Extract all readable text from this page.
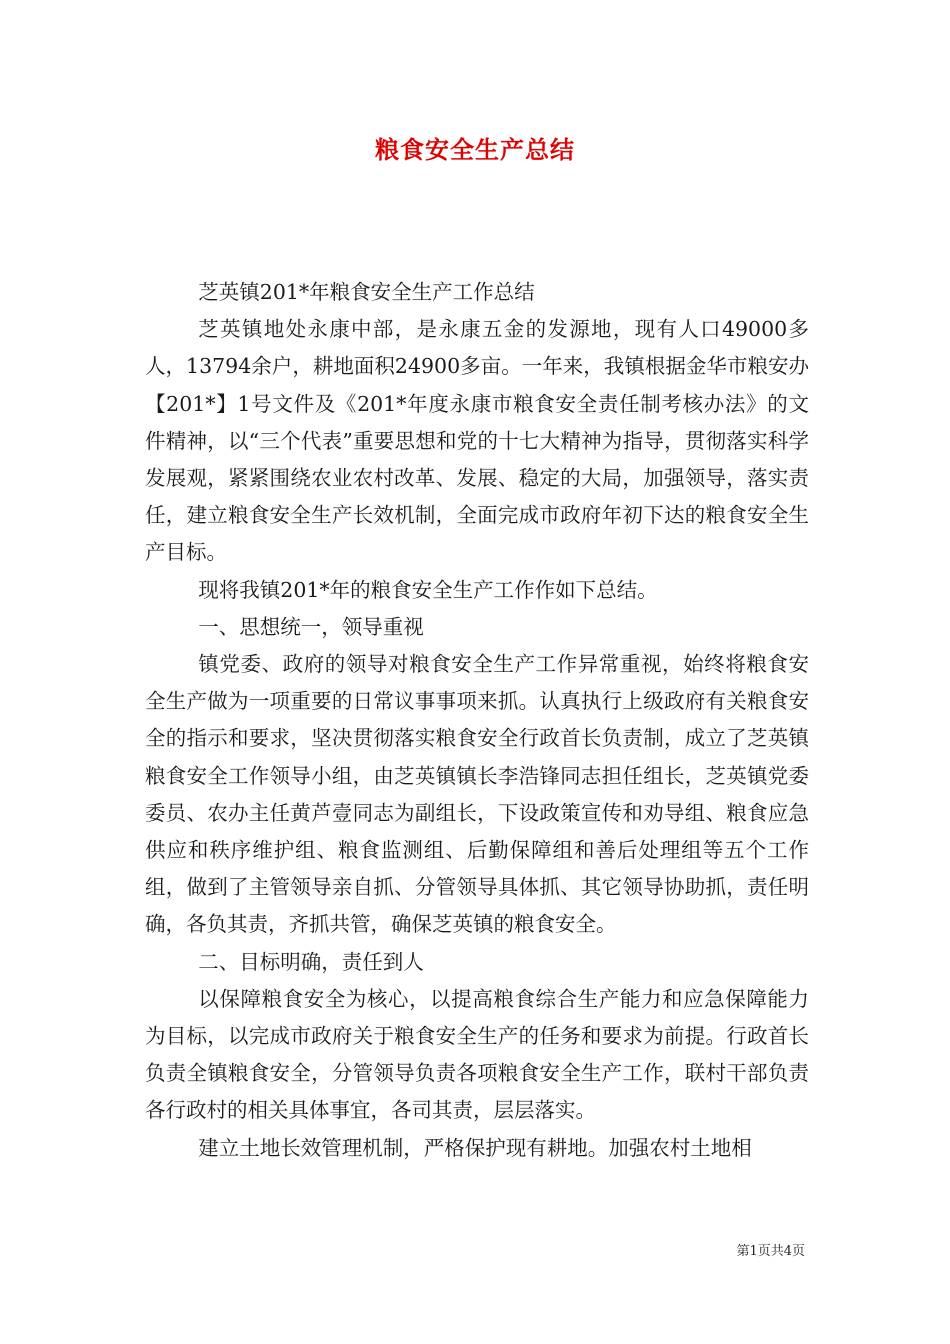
粮食安全生产总结

芝英镇201*年粮食安全生产工作总结

芝英镇地处永康中部，是永康五金的发源地，现有人口49000多人，13794余户，耕地面积24900多亩。一年来，我镇根据金华市粮安办【201*】1号文件及《201*年度永康市粮食安全责任制考核办法》的文件精神，以“三个代表”重要思想和党的十七大精神为指导，贯彻落实科学发展观，紧紧围绕农业农村改革、发展、稳定的大局，加强领导，落实责任，建立粮食安全生产长效机制，全面完成市政府年初下达的粮食安全生产目标。

现将我镇201*年的粮食安全生产工作作如下总结。

一、思想统一，领导重视

镇党委、政府的领导对粮食安全生产工作异常重视，始终将粮食安全生产做为一项重要的日常议事事项来抓。认真执行上级政府有关粮食安全的指示和要求，坚决贯彻落实粮食安全行政首长负责制，成立了芝英镇粮食安全工作领导小组，由芝英镇镇长李浩锋同志担任组长，芝英镇党委委员、农办主任黄芦壹同志为副组长，下设政策宣传和劝导组、粮食应急供应和秩序维护组、粮食监测组、后勤保障组和善后处理组等五个工作组，做到了主管领导亲自抓、分管领导具体抓、其它领导协助抓，责任明确，各负其责，齐抓共管，确保芝英镇的粮食安全。

二、目标明确，责任到人

以保障粮食安全为核心，以提高粮食综合生产能力和应急保障能力为目标，以完成市政府关于粮食安全生产的任务和要求为前提。行政首长负责全镇粮食安全，分管领导负责各项粮食安全生产工作，联村干部负责各行政村的相关具体事宜，各司其责，层层落实。

建立土地长效管理机制，严格保护现有耕地。加强农村土地相

第1页共4页
